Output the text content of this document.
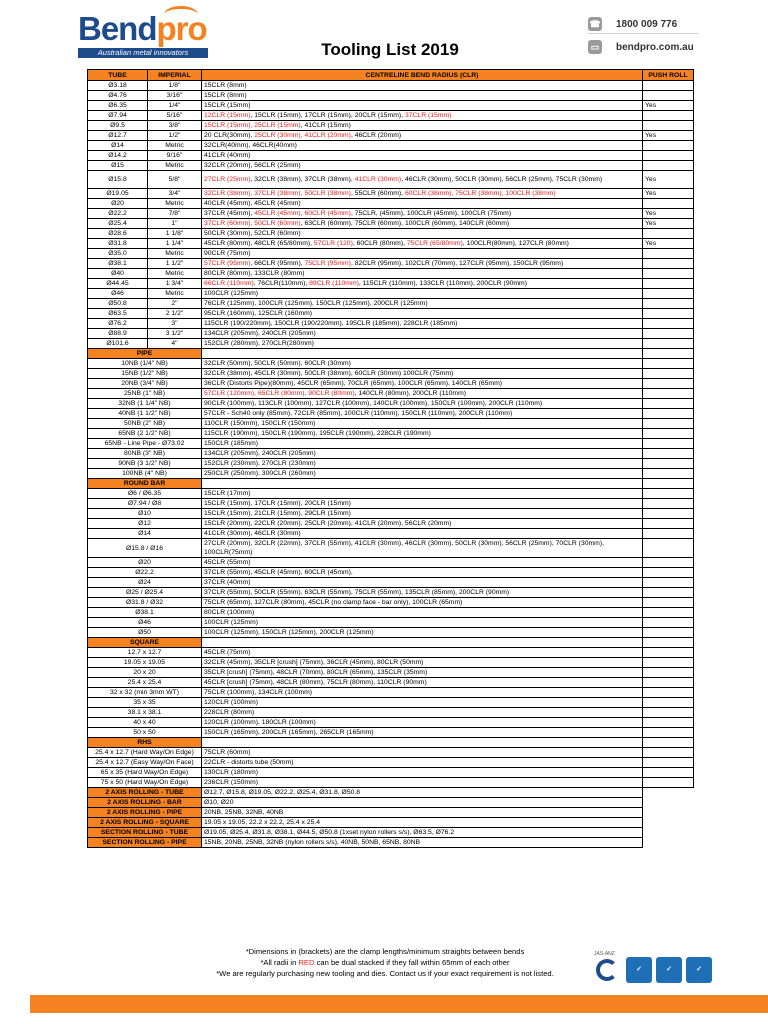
Bendpro
Australian metal innovators	Tooling List 2019
☎ 1800 009 776
▭ bendpro.com.au
TUBE	IMPERIAL	CENTRELINE BEND RADIUS (CLR)	PUSH ROLL
Ø3.18	1/8"	15CLR (8mm)	
Ø4.76	3/16"	15CLR (8mm)	
Ø6.35	1/4"	15CLR (15mm)	Yes
Ø7.94	5/16"	12CLR (15mm), 15CLR (15mm), 17CLR (15mm), 20CLR (15mm), 37CLR (15mm)	
Ø9.5	3/8"	15CLR (15mm), 25CLR (15mm), 41CLR (15mm)	
Ø12.7	1/2"	20 CLR(30mm), 25CLR (30mm), 41CLR (20mm), 46CLR (20mm)	Yes
Ø14	Metric	32CLR(40mm), 46CLR(40mm)	
Ø14.2	9/16"	41CLR (40mm)	
Ø15	Metric	32CLR (20mm), 56CLR (25mm)	
Ø15.8	5/8"	27CLR (25mm), 32CLR (38mm), 37CLR (38mm), 41CLR (30mm), 46CLR (30mm), 50CLR (30mm), 56CLR (25mm), 75CLR (30mm)	Yes
Ø19.05	3/4"	32CLR (38mm), 37CLR (38mm), 50CLR (38mm), 55CLR (60mm), 60CLR (38mm), 75CLR (38mm), 100CLR (38mm)	Yes
Ø20	Metric	40CLR (45mm), 45CLR (45mm)	
Ø22.2	7/8"	37CLR (45mm), 45CLR (45mm), 60CLR (45mm), 75CLR, (45mm), 100CLR (45mm), 100CLR (75mm)	Yes
Ø25.4	1"	37CLR (60mm), 50CLR (60mm), 63CLR (60mm), 75CLR (60mm), 100CLR (60mm), 140CLR (60mm)	Yes
Ø28.6	1 1/8"	50CLR (30mm), 52CLR (60mm)	
Ø31.8	1 1/4"	45CLR (80mm), 48CLR (65/80mm), 57CLR (120), 60CLR (80mm), 75CLR (65/80mm), 100CLR(80mm), 127CLR (80mm)	Yes
Ø35.0	Metric	90CLR (75mm)	
Ø38.1	1 1/2"	57CLR (95mm), 66CLR (95mm), 75CLR (95mm), 82CLR (95mm), 102CLR (70mm), 127CLR (95mm), 150CLR (95mm)	
Ø40	Metric	80CLR (80mm), 133CLR (80mm)	
Ø44.45	1 3/4"	66CLR (110mm), 76CLR(110mm), 89CLR (110mm), 115CLR (110mm), 133CLR (110mm), 200CLR (90mm)	
Ø46	Metric	100CLR (125mm)	
Ø50.8	2"	76CLR (125mm), 100CLR (125mm), 150CLR (125mm), 200CLR (125mm)	
Ø63.5	2 1/2"	95CLR (160mm), 125CLR (160mm)	
Ø76.2	3"	115CLR (190/220mm), 150CLR (190/220mm), 195CLR (185mm), 228CLR (185mm)	
Ø88.9	3 1/2"	134CLR (205mm), 240CLR (205mm)	
Ø101.6	4"	152CLR (280mm), 270CLR(280mm)	
PIPE			
10NB (1/4" NB)		32CLR (50mm), 50CLR (50mm), 60CLR (30mm)	
15NB (1/2" NB)		32CLR (38mm), 45CLR (30mm), 50CLR (38mm), 60CLR (30mm) 100CLR (75mm)	
20NB (3/4" NB)		36CLR (Distorts Pipe)(80mm), 45CLR (65mm), 70CLR (65mm), 100CLR (65mm), 140CLR (65mm)	
25NB (1" NB)		57CLR (120mm), 65CLR (80mm), 90CLR (80mm), 140CLR (80mm), 200CLR (110mm)	
32NB (1 1/4" NB)		90CLR (100mm), 113CLR (100mm), 127CLR (100mm), 140CLR (100mm), 150CLR (100mm), 200CLR (110mm)	
40NB (1 1/2" NB)		57CLR - Sch40 only (85mm), 72CLR (85mm), 100CLR (110mm), 150CLR (110mm), 200CLR (110mm)	
50NB (2" NB)		110CLR (150mm), 150CLR (150mm)	
65NB (2 1/2" NB)		115CLR (190mm), 150CLR (190mm), 195CLR (190mm), 228CLR (190mm)	
65NB - Line Pipe - Ø73.02		150CLR (185mm)	
80NB (3" NB)		134CLR (205mm), 240CLR (205mm)	
90NB (3 1/2" NB)		152CLR (230mm), 270CLR (230mm)	
100NB (4" NB)		250CLR (250mm), 300CLR (260mm)	
ROUND BAR			
Ø6 / Ø6.35		15CLR (17mm)	
Ø7.94 / Ø8		15CLR (15mm), 17CLR (15mm), 20CLR (15mm)	
Ø10		15CLR (15mm), 21CLR (15mm), 29CLR (15mm)	
Ø12		15CLR (20mm), 22CLR (20mm), 25CLR (20mm), 41CLR (20mm), 56CLR (20mm)	
Ø14		41CLR (30mm), 46CLR (30mm)	
Ø15.8 / Ø16		27CLR (20mm), 32CLR (22mm), 37CLR (55mm), 41CLR (30mm), 46CLR (30mm), 50CLR (30mm), 56CLR (25mm), 70CLR (30mm), 100CLR(75mm)	
Ø20		45CLR (55mm)	
Ø22.2		37CLR (55mm), 45CLR (45mm), 60CLR (45mm),	
Ø24		37CLR (40mm)	
Ø25 / Ø25.4		37CLR (55mm), 50CLR (55mm), 63CLR (55mm), 75CLR (55mm), 135CLR (85mm), 200CLR (90mm)	
Ø31.8 / Ø32		75CLR (65mm), 127CLR (80mm), 45CLR (no clamp face - bar only), 100CLR (65mm)	
Ø38.1		80CLR (100mm)	
Ø46		100CLR (125mm)	
Ø50		100CLR (125mm), 150CLR (125mm), 200CLR (125mm)	
SQUARE			
12.7 x 12.7		45CLR (75mm)	
19.05 x 19.05		32CLR (45mm), 35CLR [crush] (75mm), 36CLR (45mm), 80CLR (50mm)	
20 x 20		35CLR [crush] (75mm), 48CLR (70mm), 80CLR (65mm), 135CLR (35mm)	
25.4 x 25.4		45CLR [crush] (75mm), 48CLR (80mm), 75CLR (80mm), 110CLR (90mm)	
32 x 32 (min 3mm WT)		75CLR (100mm), 134CLR (100mm)	
35 x 35		120CLR (100mm)	
38.1 x 38.1		228CLR (80mm)	
40 x 40		120CLR (100mm), 180CLR (100mm)	
50 x 50		150CLR (165mm), 200CLR (165mm), 265CLR (165mm)	
RHS			
25.4 x 12.7 (Hard Way/On Edge)		75CLR (60mm)	
25.4 x 12.7 (Easy Way/On Face)		22CLR - distorts tube (50mm)	
65 x 35 (Hard Way/On Edge)		130CLR (180mm)	
75 x 50 (Hard Way/On Edge)		236CLR (150mm)	
2 AXIS ROLLING - TUBE		Ø12.7, Ø15.8, Ø19.05, Ø22.2, Ø25.4, Ø31.8, Ø50.8	
2 AXIS ROLLING - BAR		Ø10, Ø20	
2 AXIS ROLLING - PIPE		20NB, 25NB, 32NB, 40NB	
2 AXIS ROLLING - SQUARE		19.05 x 19.05, 22.2 x 22.2, 25.4 x 25.4	
SECTION ROLLING - TUBE		Ø19.05, Ø25.4, Ø31.8, Ø38.1, Ø44.5, Ø50.8 (1xset nylon rollers s/s), Ø63.5, Ø76.2	
SECTION ROLLING - PIPE		15NB, 20NB, 25NB, 32NB (nylon rollers s/s), 40NB, 50NB, 65NB, 80NB	
*Dimensions in (brackets) are the clamp lengths/minimum straights between bends
*All radii in RED can be dual stacked if they fall within 65mm of each other
*We are regularly purchasing new tooling and dies. Contact us if your exact requirement is not listed.
JAS-ANZ
✓	✓	✓
